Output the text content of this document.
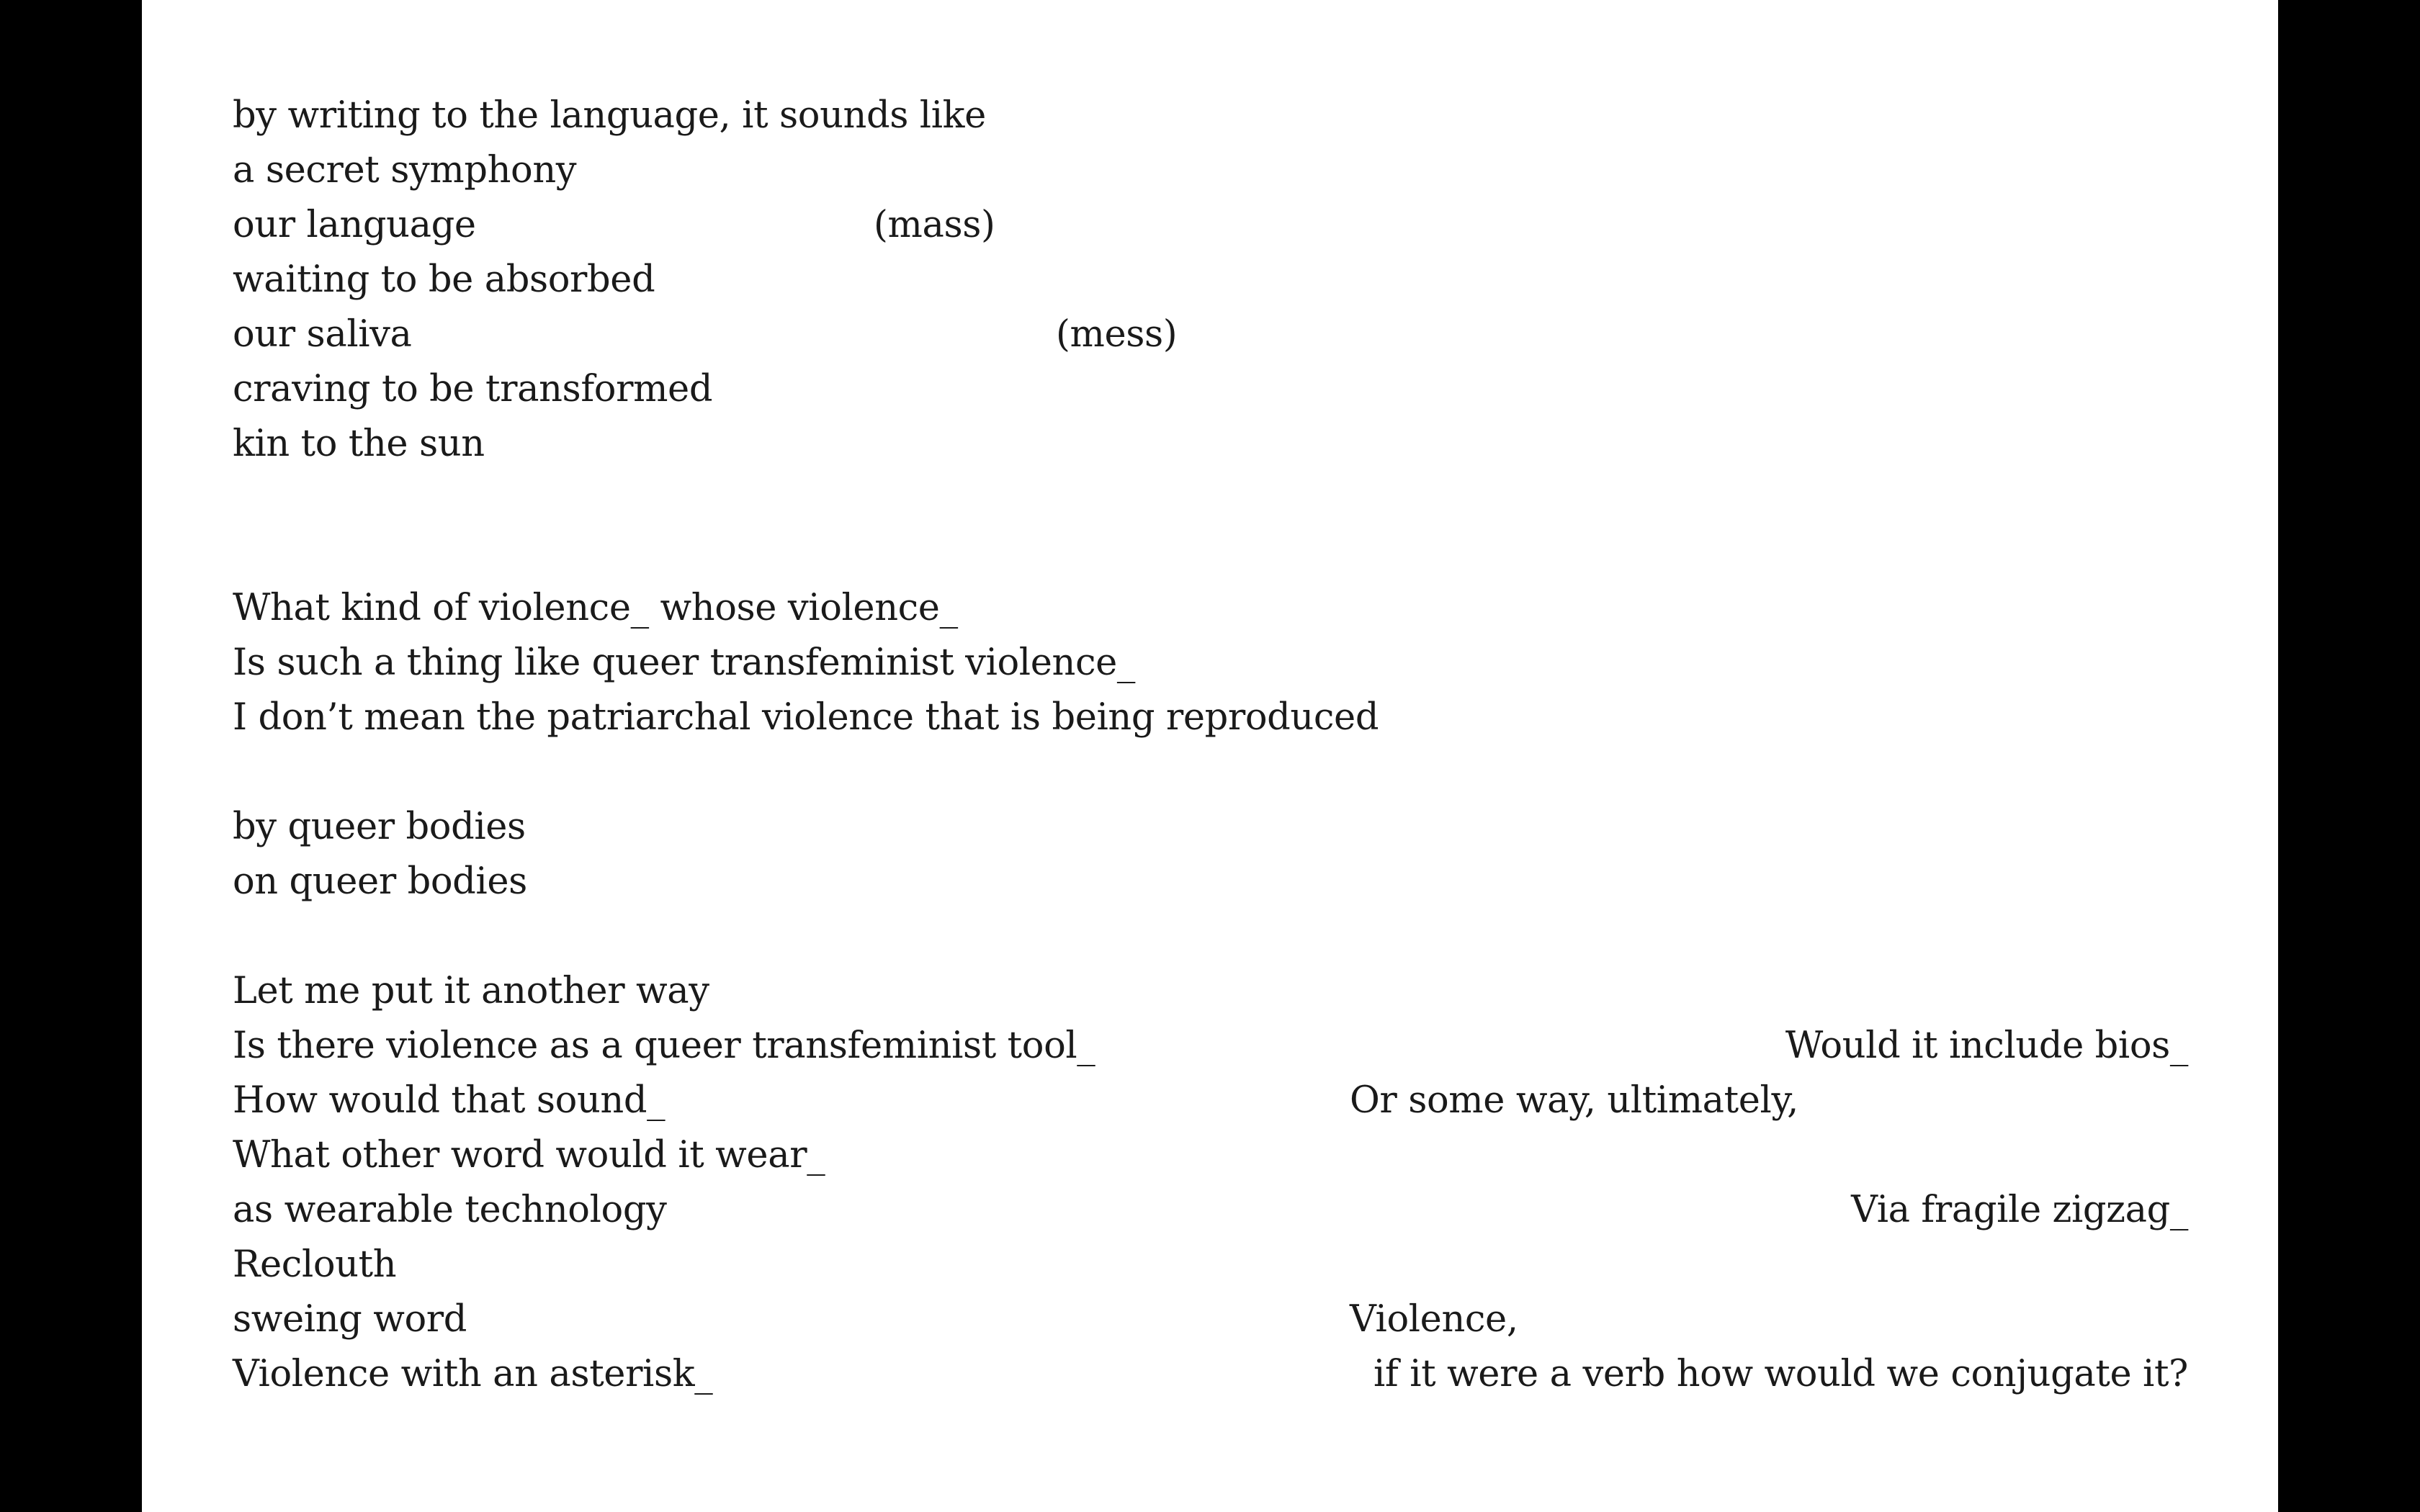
by writing to the language, it sounds like
a secret symphony
our language	(mass)
waiting to be absorbed
our saliva	(mess)
craving to be transformed
kin to the sun
What kind of violence_ whose violence_
Is such a thing like queer transfeminist violence_
I don’t mean the patriarchal violence that is being reproduced
by queer bodies
on queer bodies
Let me put it another way
Is there violence as a queer transfeminist tool_
How would that sound_
What other word would it wear_
as wearable technology
Reclouth
sweing word
Violence with an asterisk_
Would it include bios_
Or some way, ultimately,
Via fragile zigzag_
Violence,
if it were a verb how would we conjugate it?
